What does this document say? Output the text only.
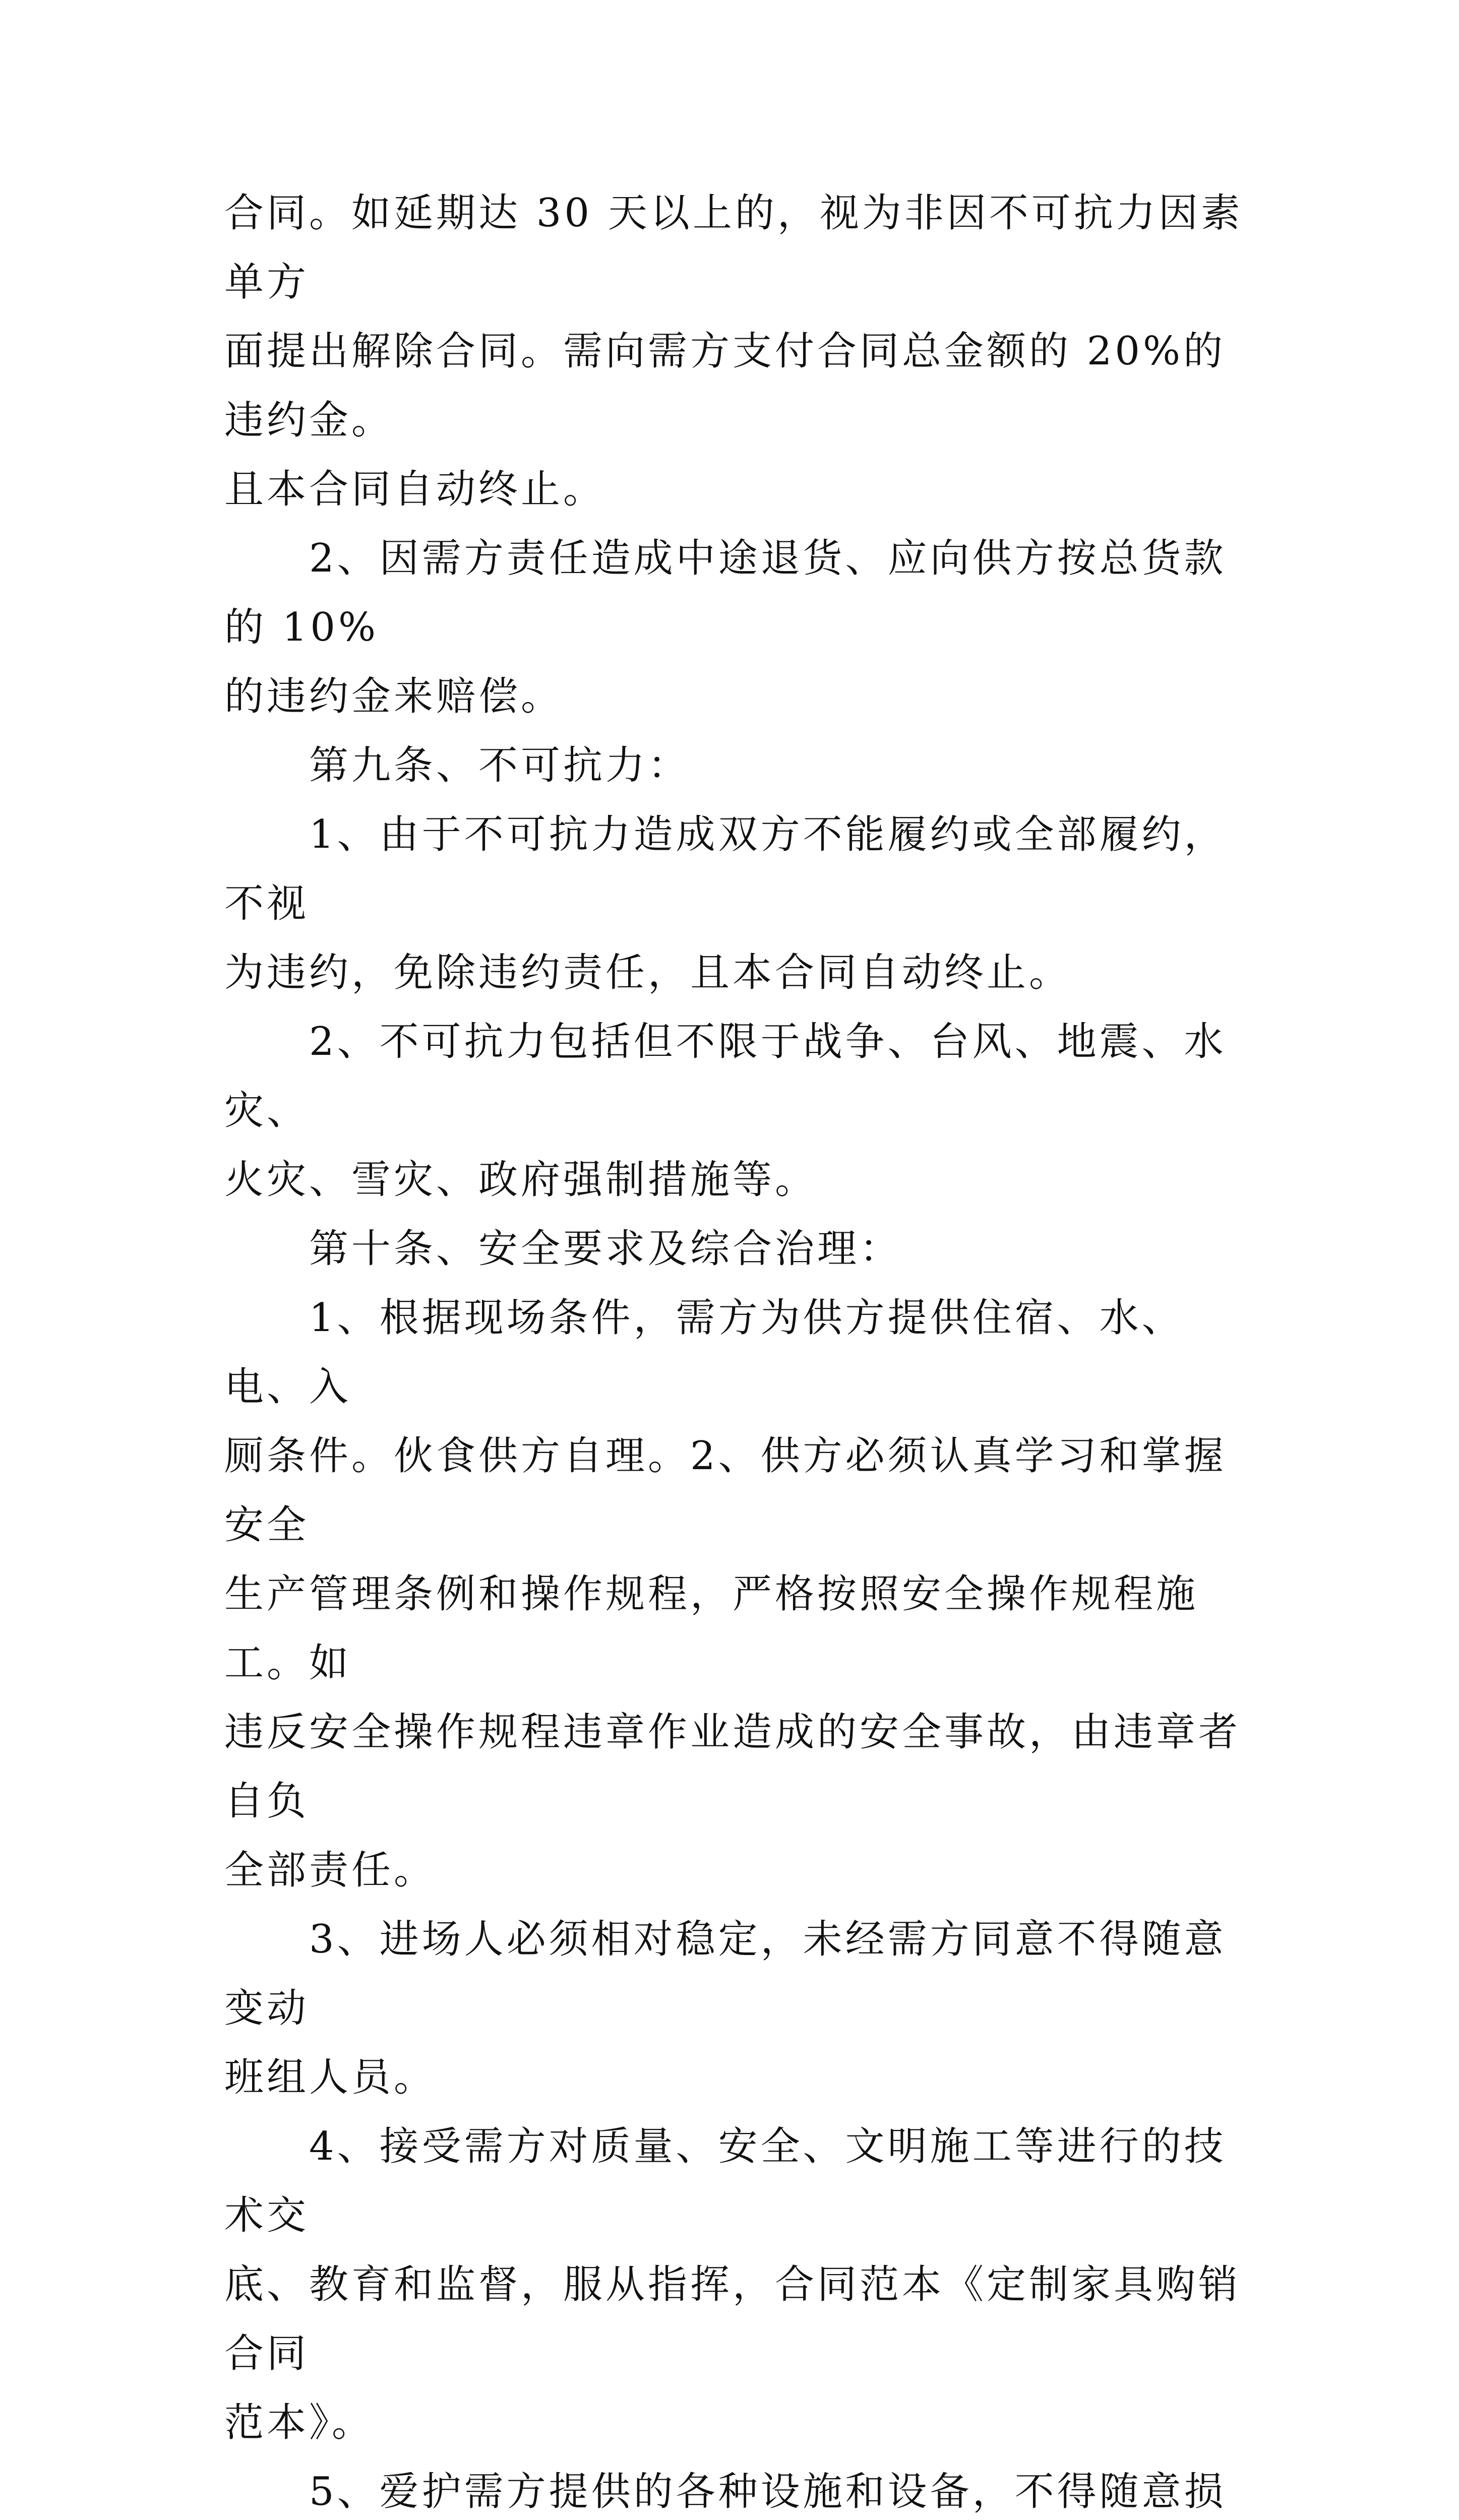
合同。如延期达 30 天以上的，视为非因不可抗力因素单方
面提出解除合同。需向需方支付合同总金额的 20%的违约金。
且本合同自动终止。

　　2、因需方责任造成中途退货、应向供方按总货款的 10%
的违约金来赔偿。

　　第九条、不可抗力：

　　1、由于不可抗力造成双方不能履约或全部履约，不视
为违约，免除违约责任，且本合同自动终止。

　　2、不可抗力包括但不限于战争、台风、地震、水灾、
火灾、雪灾、政府强制措施等。

　　第十条、安全要求及综合治理：

　　1、根据现场条件，需方为供方提供住宿、水、电、入
厕条件。伙食供方自理。2、供方必须认真学习和掌握安全
生产管理条例和操作规程，严格按照安全操作规程施工。如
违反安全操作规程违章作业造成的安全事故，由违章者自负
全部责任。

　　3、进场人必须相对稳定，未经需方同意不得随意变动
班组人员。

　　4、接受需方对质量、安全、文明施工等进行的技术交
底、教育和监督，服从指挥，合同范本《定制家具购销合同
范本》。

　　5、爱护需方提供的各种设施和设备，不得随意损
